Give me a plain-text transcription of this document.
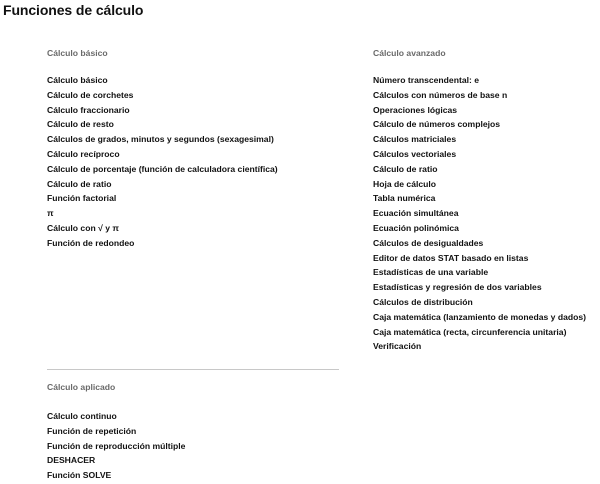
Funciones de cálculo
Cálculo básico
Cálculo básico
Cálculo de corchetes
Cálculo fraccionario
Cálculo de resto
Cálculos de grados, minutos y segundos (sexagesimal)
Cálculo recíproco
Cálculo de porcentaje (función de calculadora científica)
Cálculo de ratio
Función factorial
π
Cálculo con √ y π
Función de redondeo
Cálculo avanzado
Número transcendental: e
Cálculos con números de base n
Operaciones lógicas
Cálculo de números complejos
Cálculos matriciales
Cálculos vectoriales
Cálculo de ratio
Hoja de cálculo
Tabla numérica
Ecuación simultánea
Ecuación polinómica
Cálculos de desigualdades
Editor de datos STAT basado en listas
Estadísticas de una variable
Estadísticas y regresión de dos variables
Cálculos de distribución
Caja matemática (lanzamiento de monedas y dados)
Caja matemática (recta, circunferencia unitaria)
Verificación
Cálculo aplicado
Cálculo continuo
Función de repetición
Función de reproducción múltiple
DESHACER
Función SOLVE
